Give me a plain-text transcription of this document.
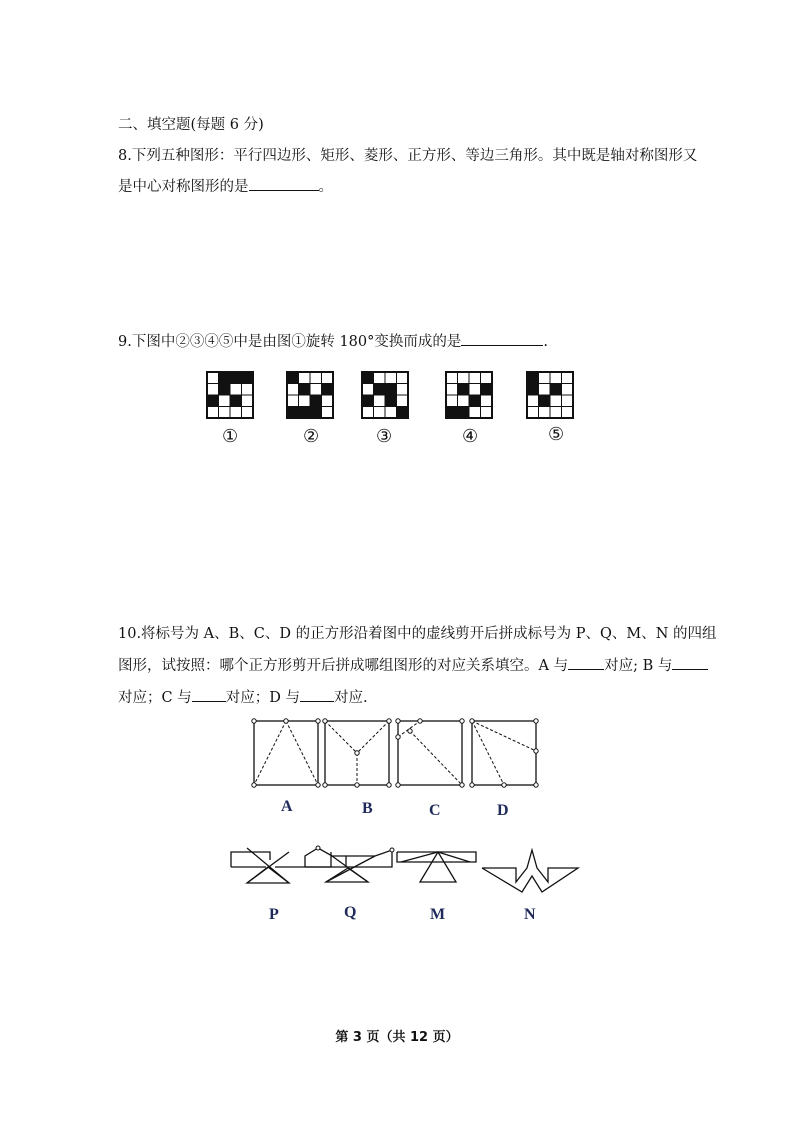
二、填空题(每题 6 分)
8.下列五种图形：平行四边形、矩形、菱形、正方形、等边三角形。其中既是轴对称图形又
是中心对称图形的是	。
9.下图中②③④⑤中是由图①旋转 180°变换而成的是	.
①	②	③	④	⑤
10.将标号为 A、B、C、D 的正方形沿着图中的虚线剪开后拼成标号为 P、Q、M、N 的四组
图形，试按照：哪个正方形剪开后拼成哪组图形的对应关系填空。A 与 对应; B 与
对应；C 与 对应；D 与 对应.
A	B	C	D
P	Q	M	N
第 3 页（共 12 页）
